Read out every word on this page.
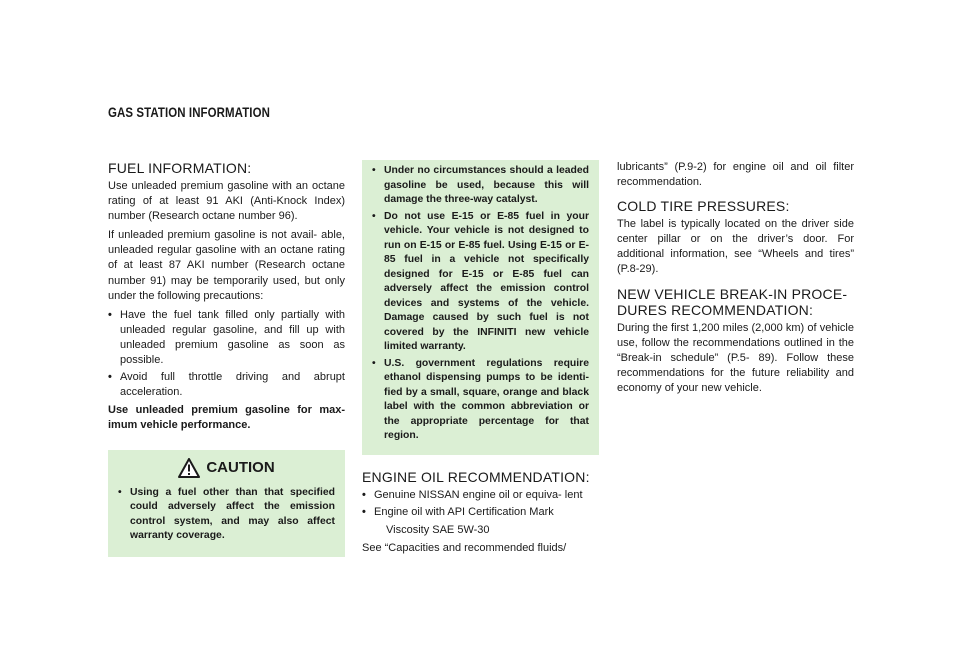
GAS STATION INFORMATION
FUEL INFORMATION:

Use unleaded premium gasoline with an octane rating of at least 91 AKI (Anti-Knock Index) number (Research octane number 96).

If unleaded premium gasoline is not avail- able, unleaded regular gasoline with an octane rating of at least 87 AKI number (Research octane number 91) may be temporarily used, but only under the following precautions:

• Have the fuel tank filled only partially with unleaded regular gasoline, and fill up with unleaded premium gasoline as soon as possible.
• Avoid full throttle driving and abrupt acceleration.

Use unleaded premium gasoline for max- imum vehicle performance.

CAUTION
• Using a fuel other than that specified could adversely affect the emission control system, and may also affect warranty coverage.
• Under no circumstances should a leaded gasoline be used, because this will damage the three-way catalyst.
• Do not use E-15 or E-85 fuel in your vehicle. Your vehicle is not designed to run on E-15 or E-85 fuel. Using E-15 or E- 85 fuel in a vehicle not specifically designed for E-15 or E-85 fuel can adversely affect the emission control devices and systems of the vehicle. Damage caused by such fuel is not covered by the INFINITI new vehicle limited warranty.
• U.S. government regulations require ethanol dispensing pumps to be identi- fied by a small, square, orange and black label with the common abbreviation or the appropriate percentage for that region.
ENGINE OIL RECOMMENDATION:
• Genuine NISSAN engine oil or equiva- lent
• Engine oil with API Certification Mark
Viscosity SAE 5W-30

See “Capacities and recommended fluids/

lubricants” (P.9-2) for engine oil and oil filter recommendation.

COLD TIRE PRESSURES:

The label is typically located on the driver side center pillar or on the driver’s door. For additional information, see “Wheels and tires” (P.8-29).

NEW VEHICLE BREAK-IN PROCE- DURES RECOMMENDATION:

During the first 1,200 miles (2,000 km) of vehicle use, follow the recommendations outlined in the “Break-in schedule” (P.5- 89). Follow these recommendations for the future reliability and economy of your new vehicle.
